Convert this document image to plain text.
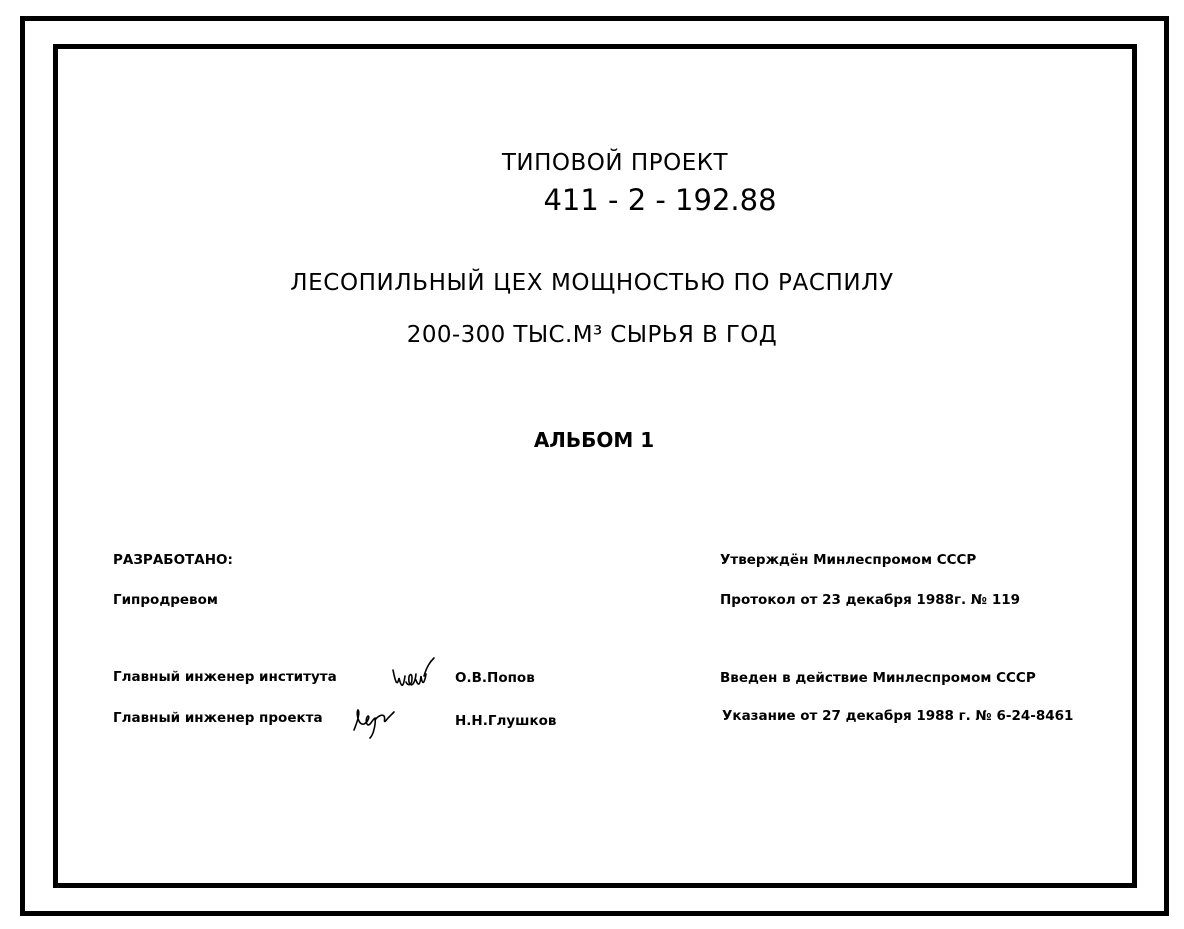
ТИПОВОЙ ПРОЕКТ
411 - 2 - 192.88
ЛЕСОПИЛЬНЫЙ ЦЕХ МОЩНОСТЬЮ ПО РАСПИЛУ
200-300 ТЫС.М³ СЫРЬЯ В ГОД
АЛЬБОМ 1
РАЗРАБОТАНО:
Гипродревом
Главный инженер института
Главный инженер проекта
О.В.Попов
Н.Н.Глушков
Утверждён Минлеспромом СССР
Протокол от 23 декабря 1988г. № 119
Введен в действие Минлеспромом СССР
Указание от 27 декабря 1988 г. № 6-24-8461
